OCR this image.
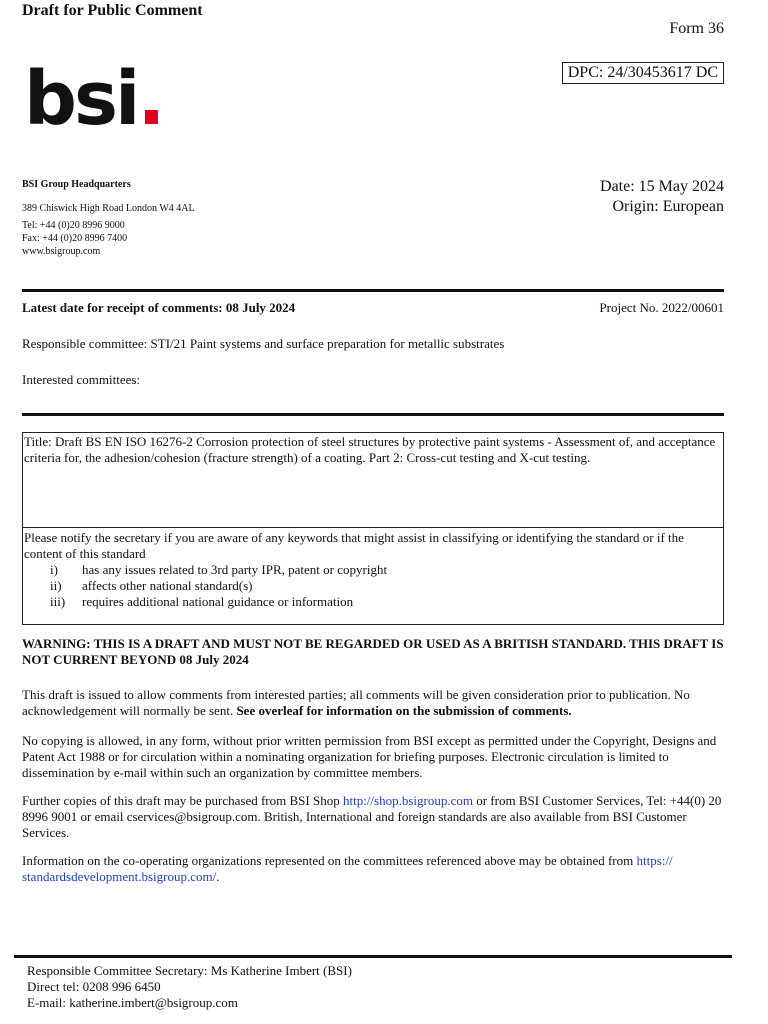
Draft for Public Comment
Form 36
DPC: 24/30453617 DC
bsi.
BSI Group Headquarters
389 Chiswick High Road London W4 4AL
Tel: +44 (0)20 8996 9000
Fax: +44 (0)20 8996 7400
www.bsigroup.com
Date: 15 May 2024
Origin: European
Latest date for receipt of comments: 08 July 2024	Project No. 2022/00601
Responsible committee: STI/21 Paint systems and surface preparation for metallic substrates
Interested committees:
Title: Draft BS EN ISO 16276-2 Corrosion protection of steel structures by protective paint systems - Assessment of, and acceptance criteria for, the adhesion/cohesion (fracture strength) of a coating. Part 2: Cross-cut testing and X-cut testing.
Please notify the secretary if you are aware of any keywords that might assist in classifying or identifying the standard or if the content of this standard
i)	has any issues related to 3rd party IPR, patent or copyright
ii)	affects other national standard(s)
iii)	requires additional national guidance or information
WARNING: THIS IS A DRAFT AND MUST NOT BE REGARDED OR USED AS A BRITISH STANDARD. THIS DRAFT IS NOT CURRENT BEYOND 08 July 2024
This draft is issued to allow comments from interested parties; all comments will be given consideration prior to publication. No acknowledgement will normally be sent. See overleaf for information on the submission of comments.
No copying is allowed, in any form, without prior written permission from BSI except as permitted under the Copyright, Designs and Patent Act 1988 or for circulation within a nominating organization for briefing purposes. Electronic circulation is limited to dissemination by e-mail within such an organization by committee members.
Further copies of this draft may be purchased from BSI Shop http://shop.bsigroup.com or from BSI Customer Services, Tel: +44(0) 20 8996 9001 or email cservices@bsigroup.com. British, International and foreign standards are also available from BSI Customer Services.
Information on the co-operating organizations represented on the committees referenced above may be obtained from https:// standardsdevelopment.bsigroup.com/.
Responsible Committee Secretary: Ms Katherine Imbert (BSI)
Direct tel: 0208 996 6450
E-mail: katherine.imbert@bsigroup.com
